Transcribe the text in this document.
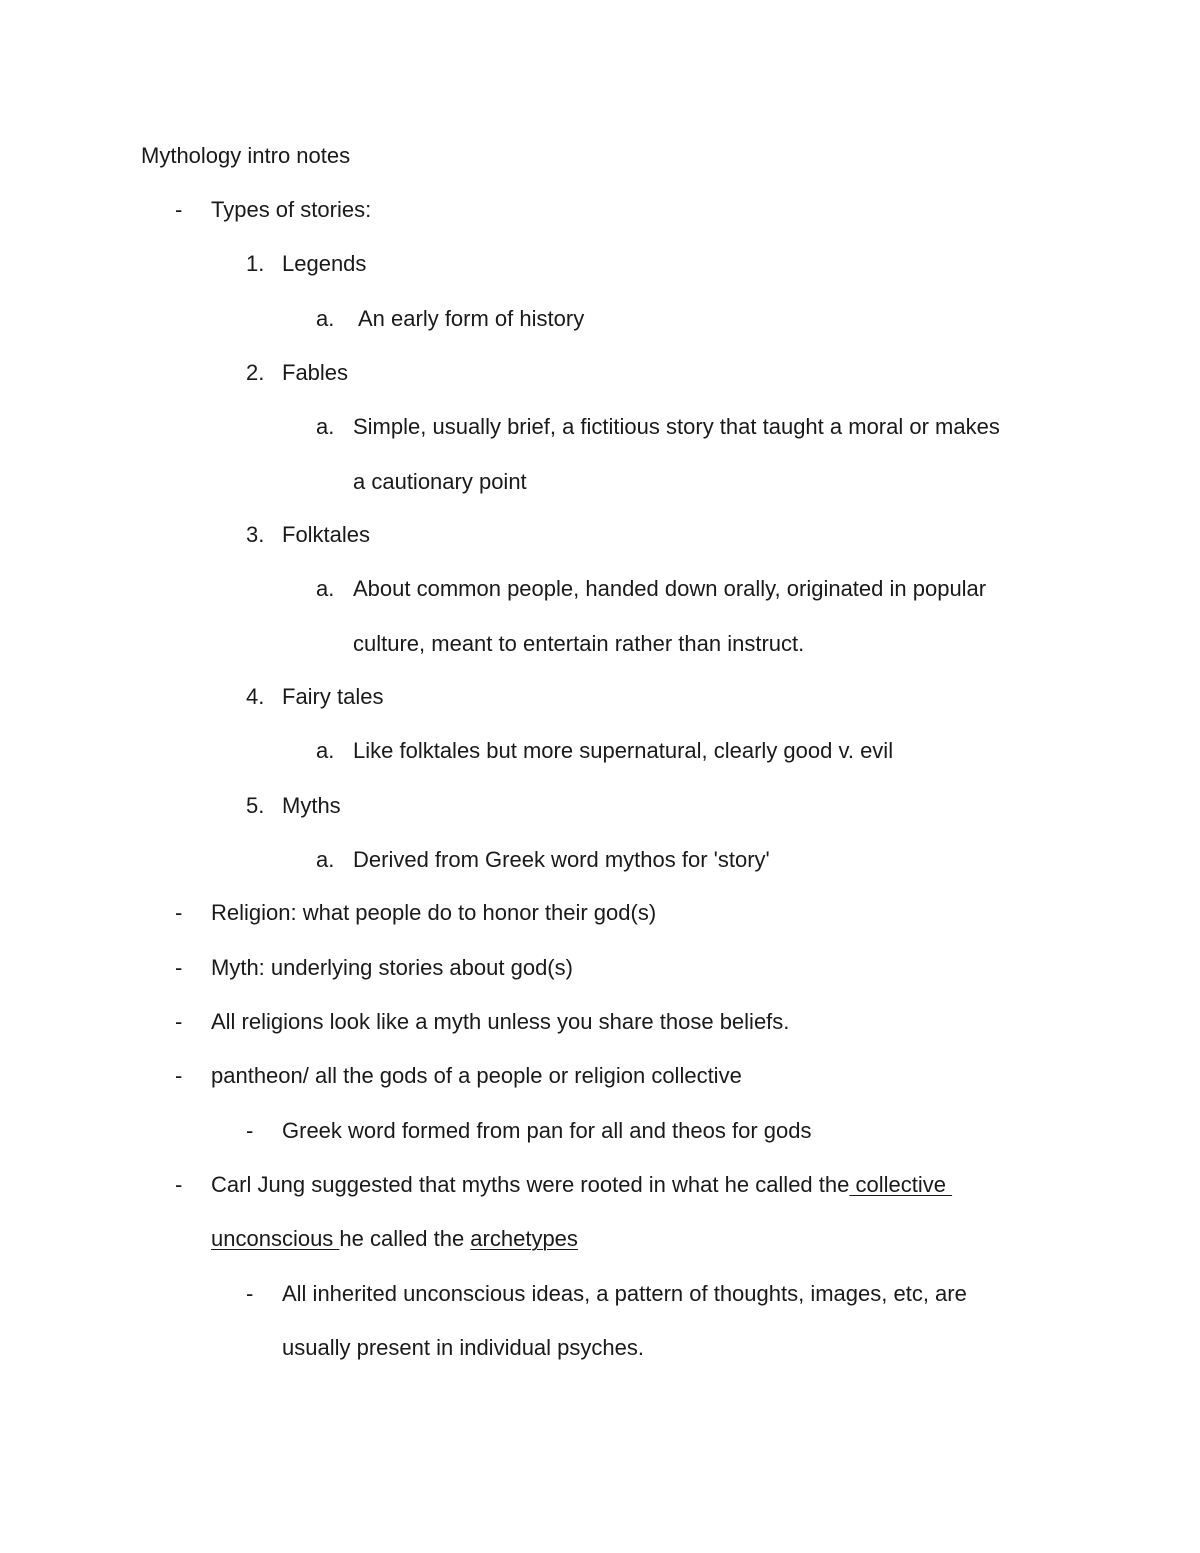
Mythology intro notes
- Types of stories:
1. Legends
a. An early form of history
2. Fables
a. Simple, usually brief, a fictitious story that taught a moral or makes
a cautionary point
3. Folktales
a. About common people, handed down orally, originated in popular
culture, meant to entertain rather than instruct.
4. Fairy tales
a. Like folktales but more supernatural, clearly good v. evil
5. Myths
a. Derived from Greek word mythos for 'story'
- Religion: what people do to honor their god(s)
- Myth: underlying stories about god(s)
- All religions look like a myth unless you share those beliefs.
- pantheon/ all the gods of a people or religion collective
- Greek word formed from pan for all and theos for gods
- Carl Jung suggested that myths were rooted in what he called the collective
unconscious he called the archetypes
- All inherited unconscious ideas, a pattern of thoughts, images, etc, are
usually present in individual psyches.
